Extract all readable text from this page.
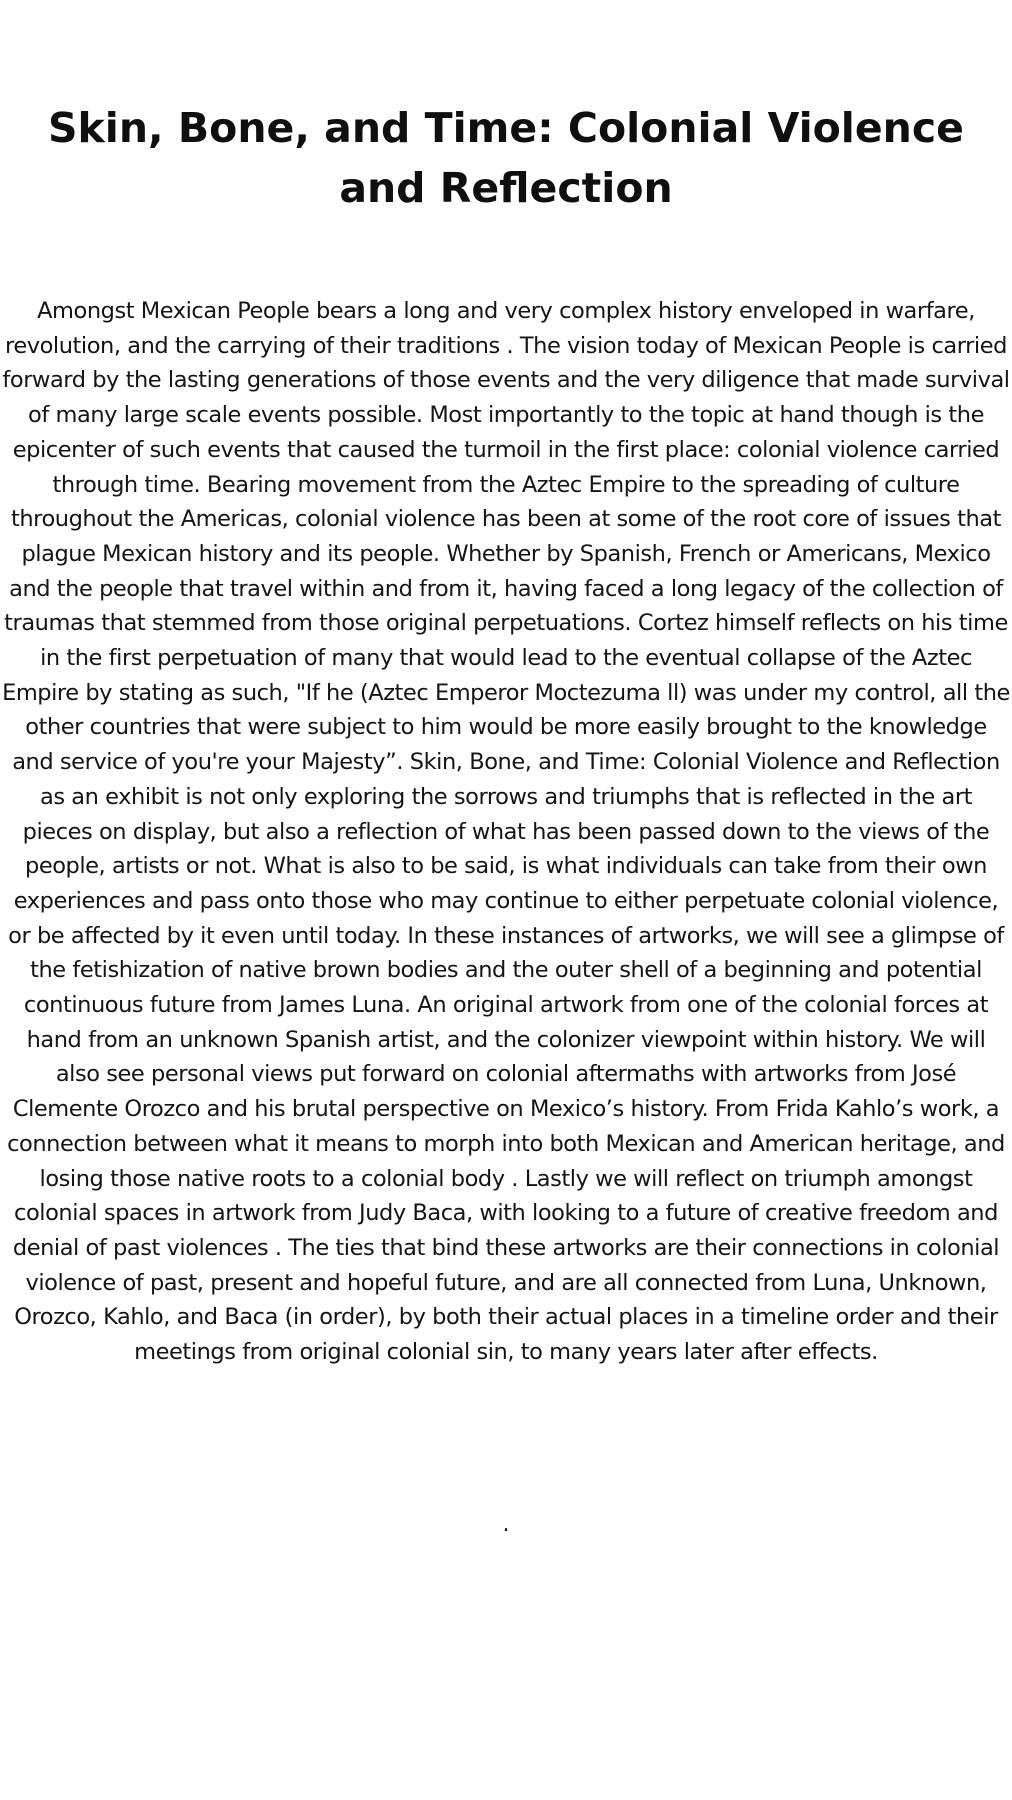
Skin, Bone, and Time: Colonial Violence and Reflection

Amongst Mexican People bears a long and very complex history enveloped in warfare, revolution, and the carrying of their traditions . The vision today of Mexican People is carried forward by the lasting generations of those events and the very diligence that made survival of many large scale events possible. Most importantly to the topic at hand though is the epicenter of such events that caused the turmoil in the first place: colonial violence carried through time. Bearing movement from the Aztec Empire to the spreading of culture throughout the Americas, colonial violence has been at some of the root core of issues that plague Mexican history and its people. Whether by Spanish, French or Americans, Mexico and the people that travel within and from it, having faced a long legacy of the collection of traumas that stemmed from those original perpetuations. Cortez himself reflects on his time in the first perpetuation of many that would lead to the eventual collapse of the Aztec Empire by stating as such, "If he (Aztec Emperor Moctezuma ll) was under my control, all the other countries that were subject to him would be more easily brought to the knowledge and service of you're your Majesty”. Skin, Bone, and Time: Colonial Violence and Reflection as an exhibit is not only exploring the sorrows and triumphs that is reflected in the art pieces on display, but also a reflection of what has been passed down to the views of the people, artists or not. What is also to be said, is what individuals can take from their own experiences and pass onto those who may continue to either perpetuate colonial violence, or be affected by it even until today. In these instances of artworks, we will see a glimpse of the fetishization of native brown bodies and the outer shell of a beginning and potential continuous future from James Luna. An original artwork from one of the colonial forces at hand from an unknown Spanish artist, and the colonizer viewpoint within history. We will also see personal views put forward on colonial aftermaths with artworks from José Clemente Orozco and his brutal perspective on Mexico’s history. From Frida Kahlo’s work, a connection between what it means to morph into both Mexican and American heritage, and losing those native roots to a colonial body . Lastly we will reflect on triumph amongst colonial spaces in artwork from Judy Baca, with looking to a future of creative freedom and denial of past violences . The ties that bind these artworks are their connections in colonial violence of past, present and hopeful future, and are all connected from Luna, Unknown, Orozco, Kahlo, and Baca (in order), by both their actual places in a timeline order and their meetings from original colonial sin, to many years later after effects.

.
